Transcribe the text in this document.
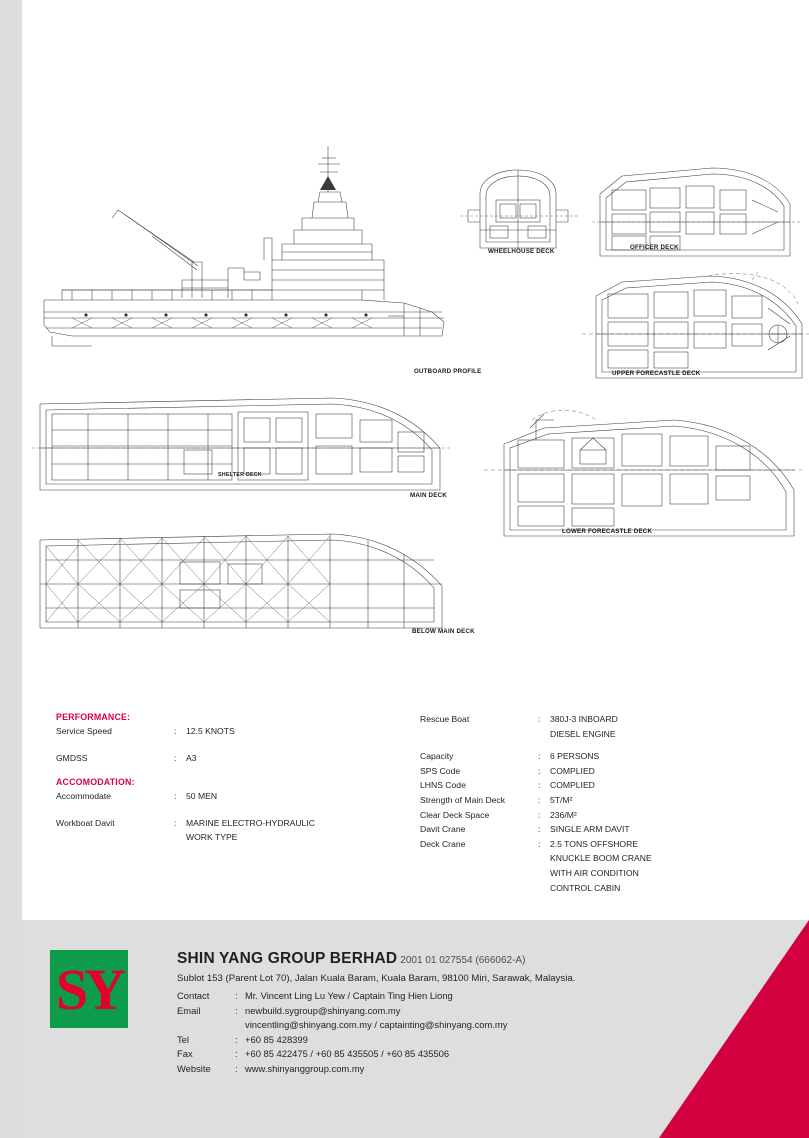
OUTBOARD PROFILE
WHEELHOUSE DECK
OFFICER DECK
UPPER FORECASTLE DECK
MAIN DECK
LOWER FORECASTLE DECK
BELOW MAIN DECK
SHELTER DECK
PERFORMANCE:
Service Speed	:	12.5 KNOTS
GMDSS	:	A3
ACCOMODATION:
Accommodate	:	50 MEN
Workboat Davit	:	MARINE ELECTRO-HYDRAULIC
WORK TYPE
Rescue Boat	:	380J-3 INBOARD
DIESEL ENGINE
Capacity	:	6 PERSONS
SPS Code	:	COMPLIED
LHNS Code	:	COMPLIED
Strength of Main Deck	:	5T/M²
Clear Deck Space	:	236/M²
Davit Crane	:	SINGLE ARM DAVIT
Deck Crane	:	2.5 TONS OFFSHORE
KNUCKLE BOOM CRANE
WITH AIR CONDITION
CONTROL CABIN
SY	SHIN YANG GROUP BERHAD 2001 01 027554 (666062-A)
Sublot 153 (Parent Lot 70), Jalan Kuala Baram, Kuala Baram, 98100 Miri, Sarawak, Malaysia.
Contact	: Mr. Vincent Ling Lu Yew / Captain Ting Hien Liong
Email	: newbuild.sygroup@shinyang.com.my
vincentling@shinyang.com.my / captainting@shinyang.com.my
Tel	: +60 85 428399
Fax	: +60 85 422475 / +60 85 435505 / +60 85 435506
Website	: www.shinyanggroup.com.my
